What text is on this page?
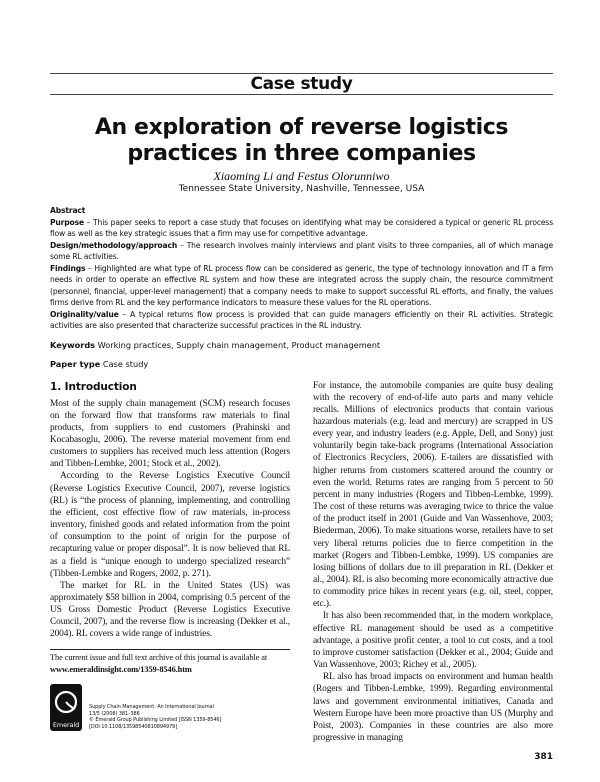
Case study
An exploration of reverse logistics practices in three companies
Xiaoming Li and Festus Olorunniwo
Tennessee State University, Nashville, Tennessee, USA

Abstract

Purpose – This paper seeks to report a case study that focuses on identifying what may be considered a typical or generic RL process flow as well as the key strategic issues that a firm may use for competitive advantage.

Design/methodology/approach – The research involves mainly interviews and plant visits to three companies, all of which manage some RL activities.

Findings – Highlighted are what type of RL process flow can be considered as generic, the type of technology innovation and IT a firm needs in order to operate an effective RL system and how these are integrated across the supply chain, the resource commitment (personnel, financial, upper-level management) that a company needs to make to support successful RL efforts, and finally, the values firms derive from RL and the key performance indicators to measure these values for the RL operations.

Originality/value – A typical returns flow process is provided that can guide managers efficiently on their RL activities. Strategic activities are also presented that characterize successful practices in the RL industry.

Keywords Working practices, Supply chain management, Product management
Paper type Case study
1. Introduction

Most of the supply chain management (SCM) research focuses on the forward flow that transforms raw materials to final products, from suppliers to end customers (Prahinski and Kocabasoglu, 2006). The reverse material movement from end customers to suppliers has received much less attention (Rogers and Tibben-Lembke, 2001; Stock et al., 2002).

According to the Reverse Logistics Executive Council (Reverse Logistics Executive Council, 2007), reverse logistics (RL) is “the process of planning, implementing, and controlling the efficient, cost effective flow of raw materials, in-process inventory, finished goods and related information from the point of consumption to the point of origin for the purpose of recapturing value or proper disposal”. It is now believed that RL as a field is “unique enough to undergo specialized research” (Tibben-Lembke and Rogers, 2002, p. 271).

The market for RL in the United States (US) was approximately $58 billion in 2004, comprising 0.5 percent of the US Gross Domestic Product (Reverse Logistics Executive Council, 2007), and the reverse flow is increasing (Dekker et al., 2004). RL covers a wide range of industries.

The current issue and full text archive of this journal is available at
www.emeraldinsight.com/1359-8546.htm
Emerald
Supply Chain Management: An International Journal
13/5 (2008) 381–386
© Emerald Group Publishing Limited [ISSN 1359-8546]
[DOI 10.1108/13598540810894979]

For instance, the automobile companies are quite busy dealing with the recovery of end-of-life auto parts and many vehicle recalls. Millions of electronics products that contain various hazardous materials (e.g. lead and mercury) are scrapped in US every year, and industry leaders (e.g. Apple, Dell, and Sony) just voluntarily begin take-back programs (International Association of Electronics Recyclers, 2006). E-tailers are dissatisfied with higher returns from customers scattered around the country or even the world. Returns rates are ranging from 5 percent to 50 percent in many industries (Rogers and Tibben-Lembke, 1999). The cost of these returns was averaging twice to thrice the value of the product itself in 2001 (Guide and Van Wassenhove, 2003; Biederman, 2006). To make situations worse, retailers have to set very liberal returns policies due to fierce competition in the market (Rogers and Tibben-Lembke, 1999). US companies are losing billions of dollars due to ill preparation in RL (Dekker et al., 2004). RL is also becoming more economically attractive due to commodity price hikes in recent years (e.g. oil, steel, copper, etc.).

It has also been recommended that, in the modern workplace, effective RL management should be used as a competitive advantage, a positive profit center, a tool to cut costs, and a tool to improve customer satisfaction (Dekker et al., 2004; Guide and Van Wassenhove, 2003; Richey et al., 2005).

RL also has broad impacts on environment and human health (Rogers and Tibben-Lembke, 1999). Regarding environmental laws and government environmental initiatives, Canada and Western Europe have been more proactive than US (Murphy and Poist, 2003). Companies in these countries are also more progressive in managing

381
